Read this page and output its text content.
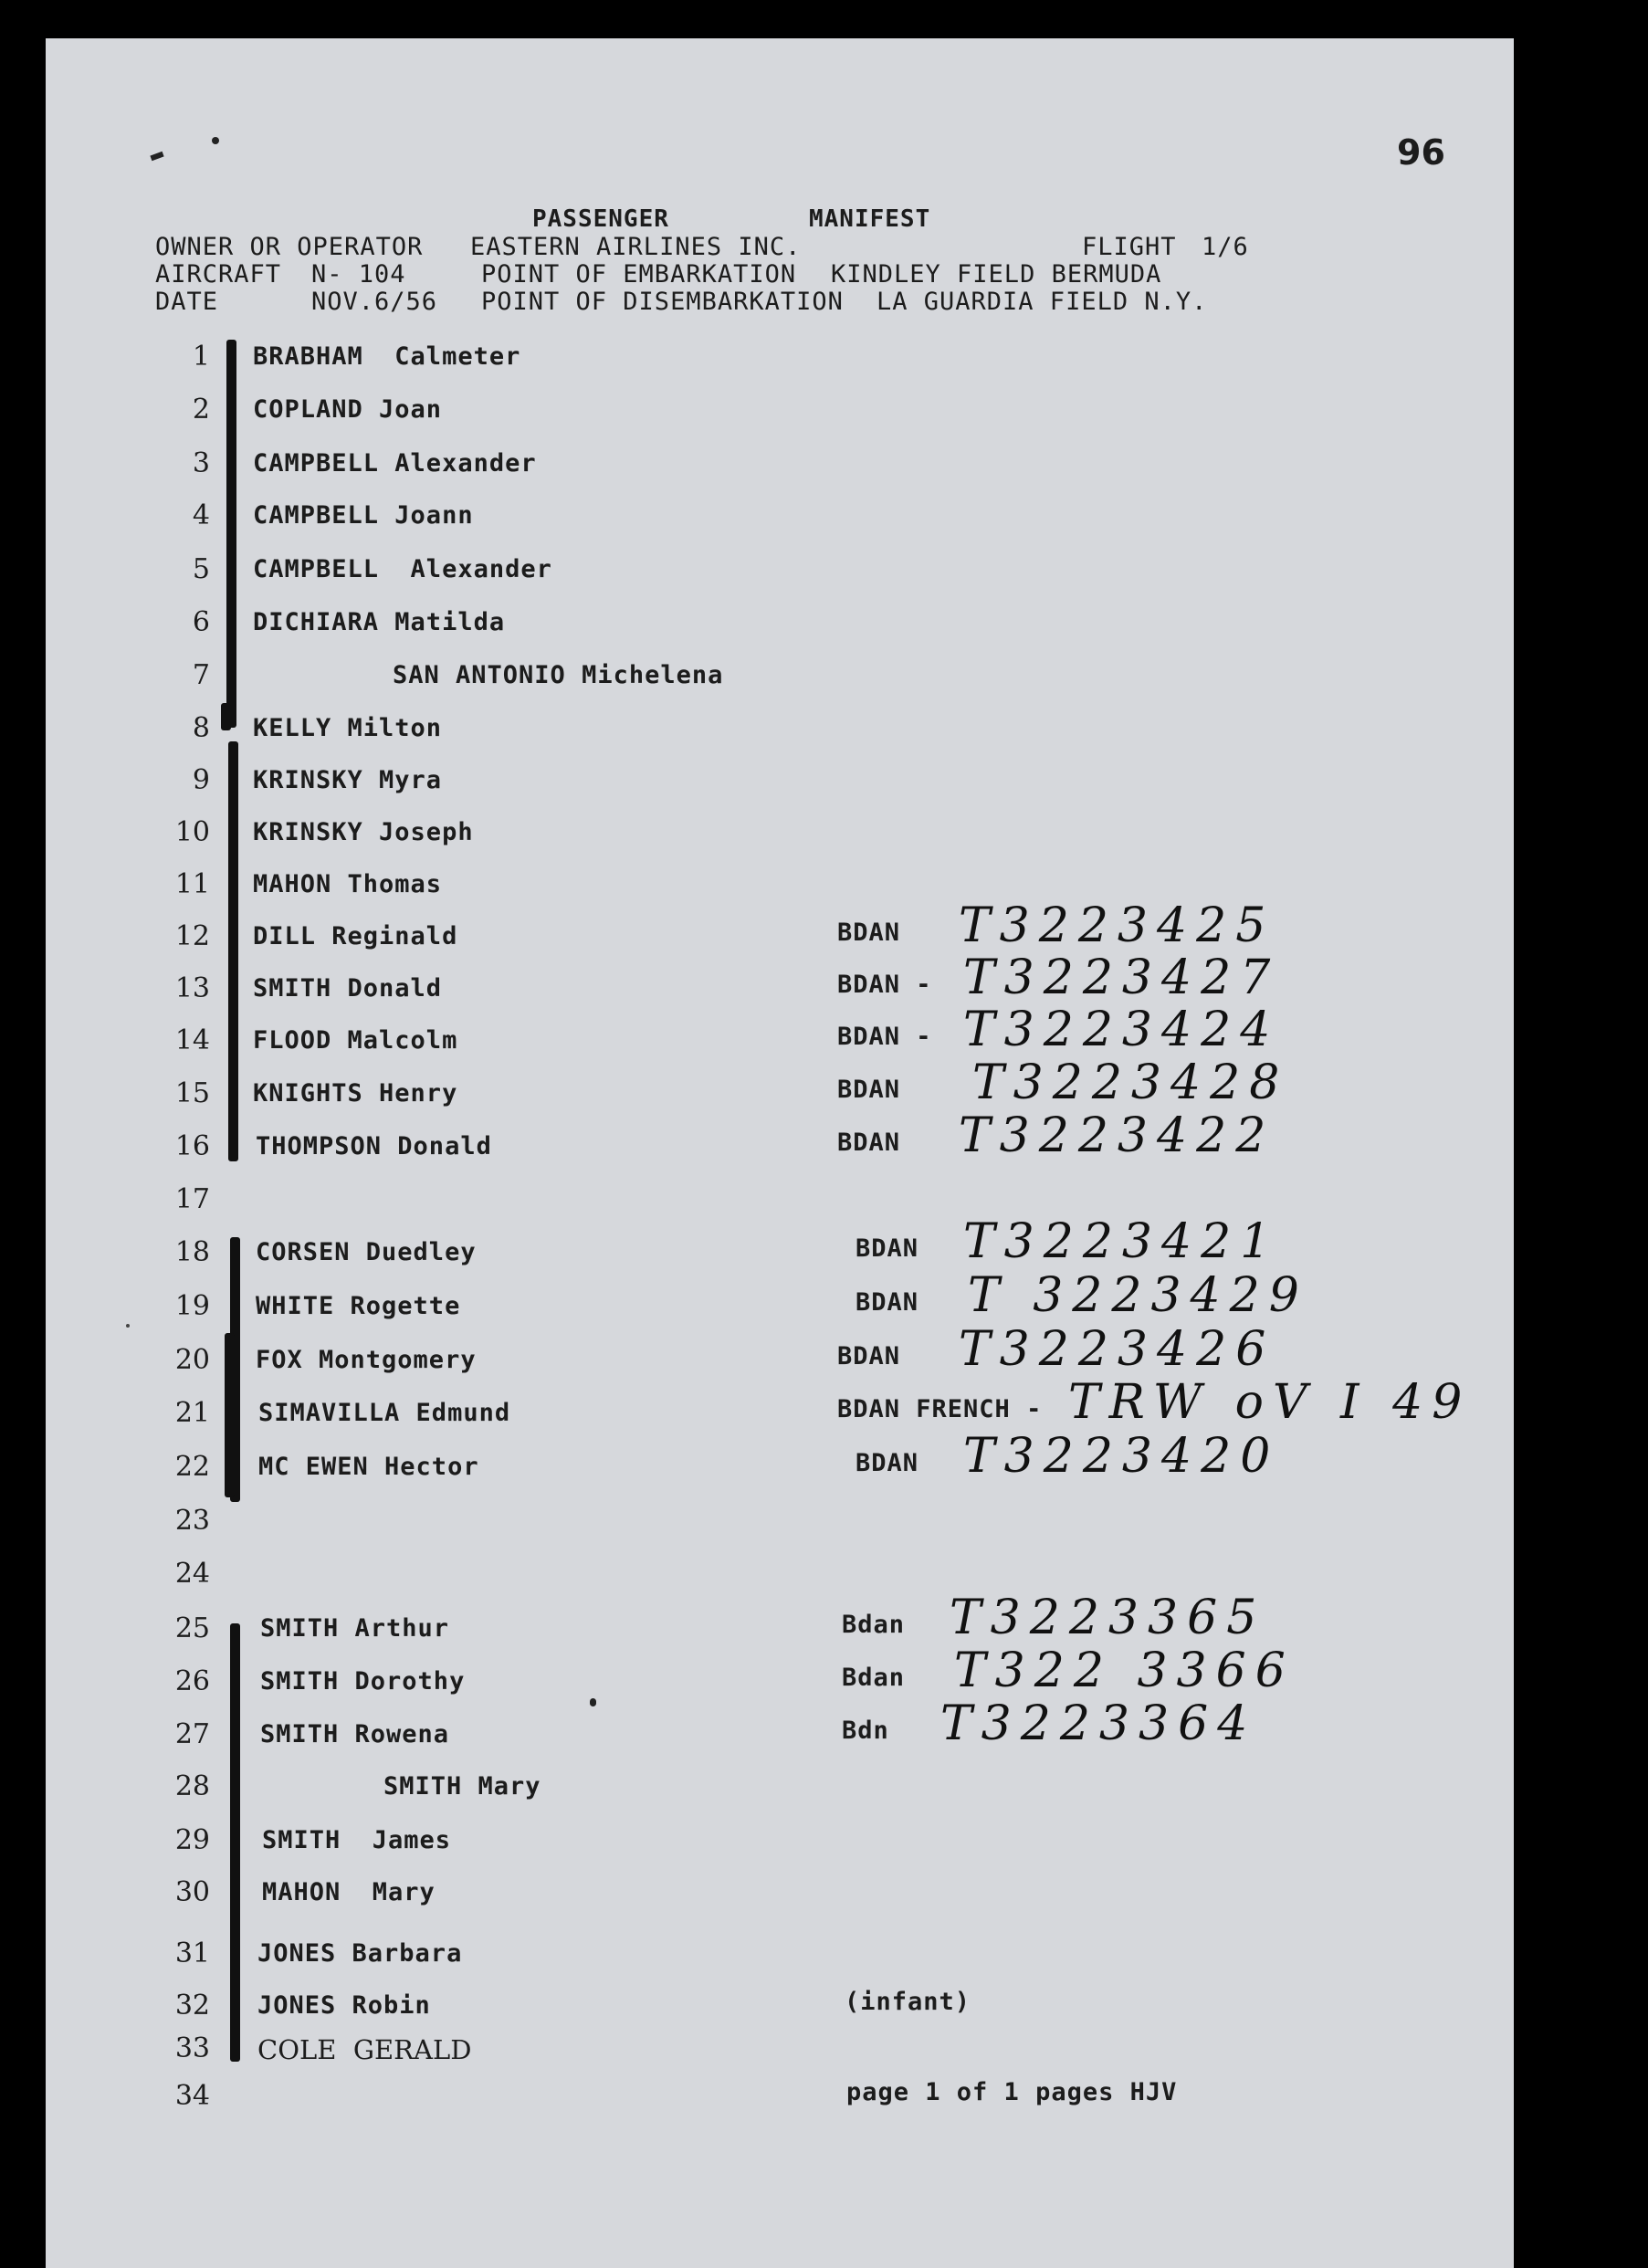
96
PASSENGER	MANIFEST
OWNER OR OPERATOR EASTERN AIRLINES INC.	FLIGHT 1/6
AIRCRAFT N- 104	POINT OF EMBARKATION KINDLEY FIELD BERMUDA
DATE	NOV.6/56 POINT OF DISEMBARKATION LA GUARDIA FIELD N.Y.
1 BRABHAM  Calmeter
2 COPLAND Joan
3 CAMPBELL Alexander
4 CAMPBELL Joann
5 CAMPBELL  Alexander
6 DICHIARA Matilda
7	SAN ANTONIO Michelena
8 KELLY Milton
9 KRINSKY Myra
10 KRINSKY Joseph
11 MAHON Thomas
12 DILL Reginald	BDAN T3223425
13 SMITH Donald	BDAN - T3223427
14 FLOOD Malcolm	BDAN - T3223424
15 KNIGHTS Henry	BDAN T3223428
16 THOMPSON Donald	BDAN T3223422
17
18 CORSEN Duedley	BDAN T3223421
19 WHITE Rogette	BDAN T 3223429
20 FOX Montgomery	BDAN T3223426
21 SIMAVILLA Edmund	BDAN FRENCH - TRW oV I 49
22 MC EWEN Hector	BDAN T3223420
23
24
25 SMITH Arthur	Bdan T3223365
26 SMITH Dorothy	Bdan T322 3366
27 SMITH Rowena	Bdn T3223364
28	SMITH Mary
29 SMITH  James
30 MAHON  Mary
31 JONES Barbara
32 JONES Robin	(infant)
33 COLE  GERALD
34	page 1 of 1 pages HJV
